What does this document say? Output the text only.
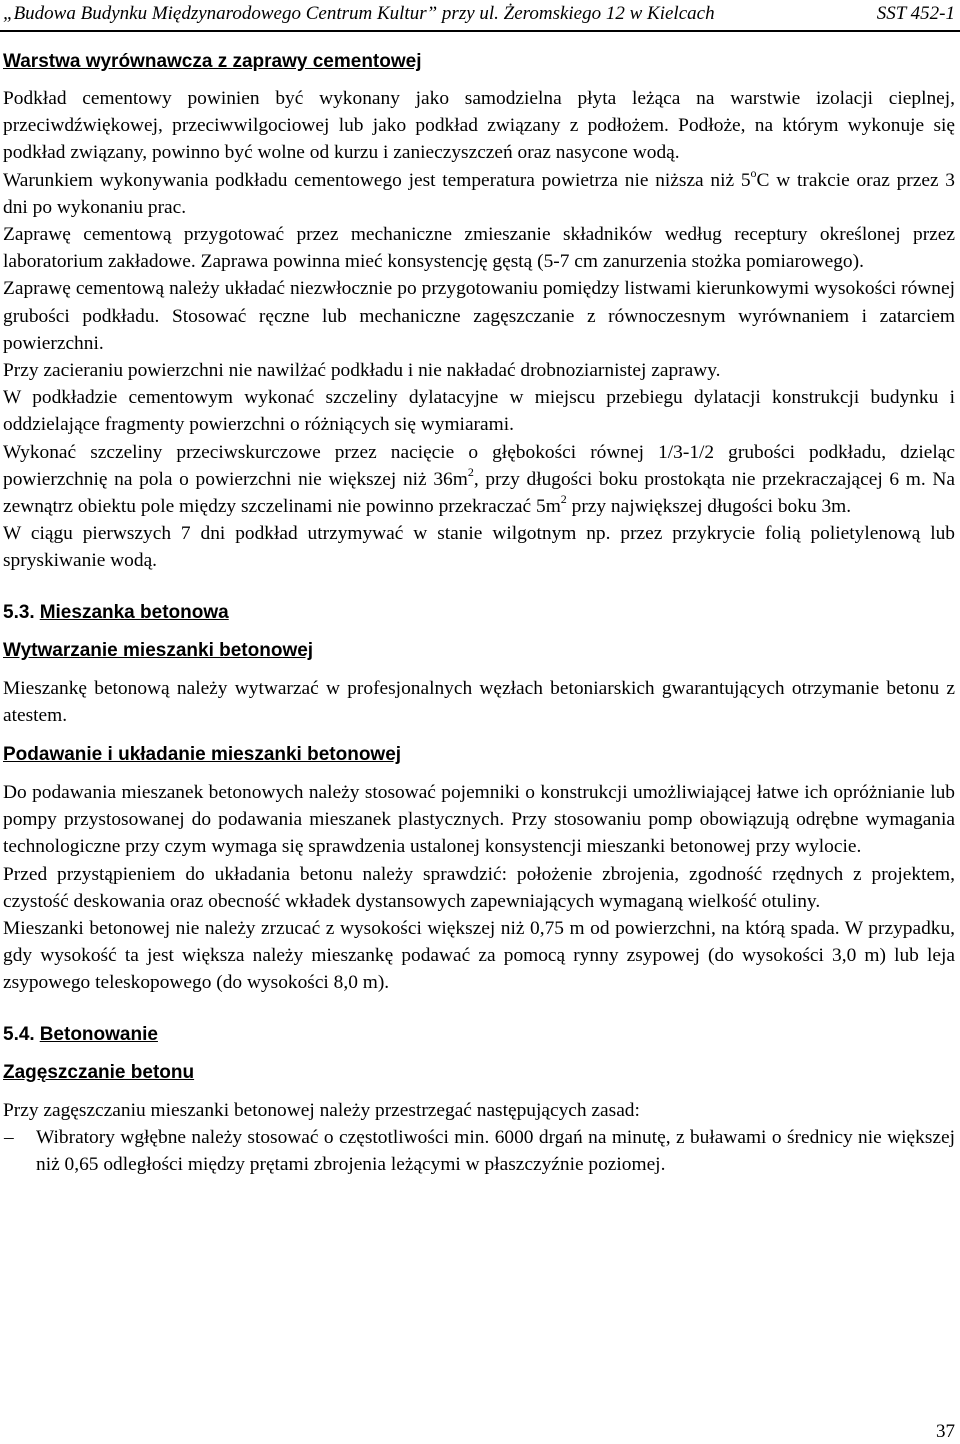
„Budowa Budynku Międzynarodowego Centrum Kultur” przy ul. Żeromskiego 12 w Kielcach	SST 452-1
Warstwa wyrównawcza z zaprawy cementowej

Podkład cementowy powinien być wykonany jako samodzielna płyta leżąca na warstwie izolacji cieplnej, przeciwdźwiękowej, przeciwwilgociowej lub jako podkład związany z podłożem. Podłoże, na którym wykonuje się podkład związany, powinno być wolne od kurzu i zanieczyszczeń oraz nasycone wodą.

Warunkiem wykonywania podkładu cementowego jest temperatura powietrza nie niższa niż 5$^o$C w trakcie oraz przez 3 dni po wykonaniu prac.

Zaprawę cementową przygotować przez mechaniczne zmieszanie składników według receptury określonej przez laboratorium zakładowe. Zaprawa powinna mieć konsystencję gęstą (5-7 cm zanurzenia stożka pomiarowego).

Zaprawę cementową należy układać niezwłocznie po przygotowaniu pomiędzy listwami kierunkowymi wysokości równej grubości podkładu. Stosować ręczne lub mechaniczne zagęszczanie z równoczesnym wyrównaniem i zatarciem powierzchni.

Przy zacieraniu powierzchni nie nawilżać podkładu i nie nakładać drobnoziarnistej zaprawy.

W podkładzie cementowym wykonać szczeliny dylatacyjne w miejscu przebiegu dylatacji konstrukcji budynku i oddzielające fragmenty powierzchni o różniących się wymiarami.

Wykonać szczeliny przeciwskurczowe przez nacięcie o głębokości równej 1/3-1/2 grubości podkładu, dzieląc powierzchnię na pola o powierzchni nie większej niż $36m^2$, przy długości boku prostokąta nie przekraczającej 6 m. Na zewnątrz obiektu pole między szczelinami nie powinno przekraczać $5m^2$ przy największej długości boku 3m.

W ciągu pierwszych 7 dni podkład utrzymywać w stanie wilgotnym np. przez przykrycie folią polietylenową lub spryskiwanie wodą.

5.3. Mieszanka betonowa
Wytwarzanie mieszanki betonowej

Mieszankę betonową należy wytwarzać w profesjonalnych węzłach betoniarskich gwarantujących otrzymanie betonu z atestem.

Podawanie i układanie mieszanki betonowej

Do podawania mieszanek betonowych należy stosować pojemniki o konstrukcji umożliwiającej łatwe ich opróżnianie lub pompy przystosowanej do podawania mieszanek plastycznych. Przy stosowaniu pomp obowiązują odrębne wymagania technologiczne przy czym wymaga się sprawdzenia ustalonej konsystencji mieszanki betonowej przy wylocie.

Przed przystąpieniem do układania betonu należy sprawdzić: położenie zbrojenia, zgodność rzędnych z projektem, czystość deskowania oraz obecność wkładek dystansowych zapewniających wymaganą wielkość otuliny.

Mieszanki betonowej nie należy zrzucać z wysokości większej niż 0,75 m od powierzchni, na którą spada. W przypadku, gdy wysokość ta jest większa należy mieszankę podawać za pomocą rynny zsypowej (do wysokości 3,0 m) lub leja zsypowego teleskopowego (do wysokości 8,0 m).

5.4. Betonowanie
Zagęszczanie betonu

Przy zagęszczaniu mieszanki betonowej należy przestrzegać następujących zasad:

– Wibratory wgłębne należy stosować o częstotliwości min. 6000 drgań na minutę, z buławami o średnicy nie większej niż 0,65 odległości między prętami zbrojenia leżącymi w płaszczyźnie poziomej.

37
